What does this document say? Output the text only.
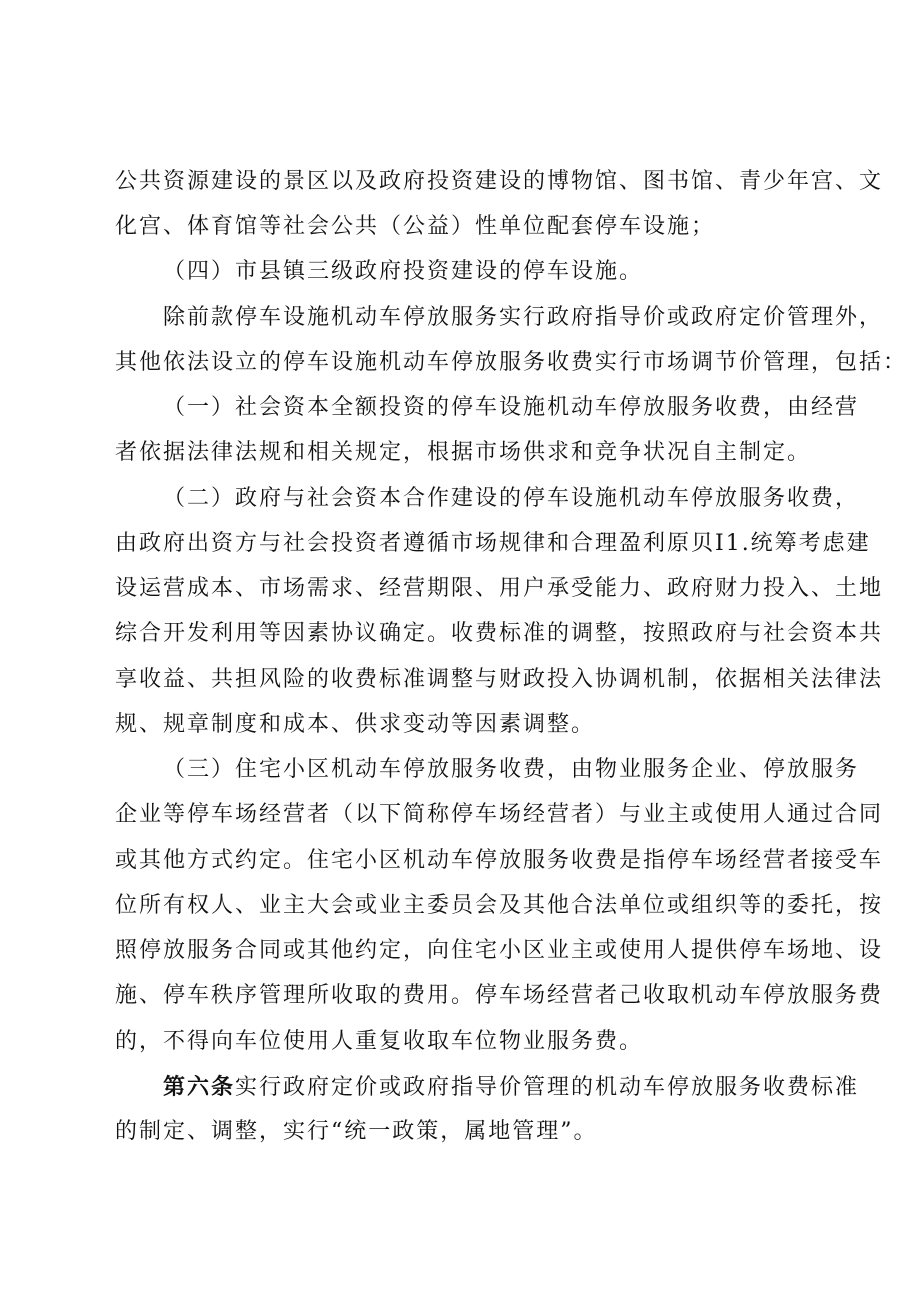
公共资源建设的景区以及政府投资建设的博物馆、图书馆、青少年宫、文
化宫、体育馆等社会公共（公益）性单位配套停车设施；
（四）市县镇三级政府投资建设的停车设施。
除前款停车设施机动车停放服务实行政府指导价或政府定价管理外，
其他依法设立的停车设施机动车停放服务收费实行市场调节价管理，包括：
（一）社会资本全额投资的停车设施机动车停放服务收费，由经营
者依据法律法规和相关规定，根据市场供求和竞争状况自主制定。
（二）政府与社会资本合作建设的停车设施机动车停放服务收费，
由政府出资方与社会投资者遵循市场规律和合理盈利原贝I1.统筹考虑建
设运营成本、市场需求、经营期限、用户承受能力、政府财力投入、土地
综合开发利用等因素协议确定。收费标准的调整，按照政府与社会资本共
享收益、共担风险的收费标准调整与财政投入协调机制，依据相关法律法
规、规章制度和成本、供求变动等因素调整。
（三）住宅小区机动车停放服务收费，由物业服务企业、停放服务
企业等停车场经营者（以下简称停车场经营者）与业主或使用人通过合同
或其他方式约定。住宅小区机动车停放服务收费是指停车场经营者接受车
位所有权人、业主大会或业主委员会及其他合法单位或组织等的委托，按
照停放服务合同或其他约定，向住宅小区业主或使用人提供停车场地、设
施、停车秩序管理所收取的费用。停车场经营者己收取机动车停放服务费
的，不得向车位使用人重复收取车位物业服务费。
第六条实行政府定价或政府指导价管理的机动车停放服务收费标准
的制定、调整，实行“统一政策，属地管理”。
